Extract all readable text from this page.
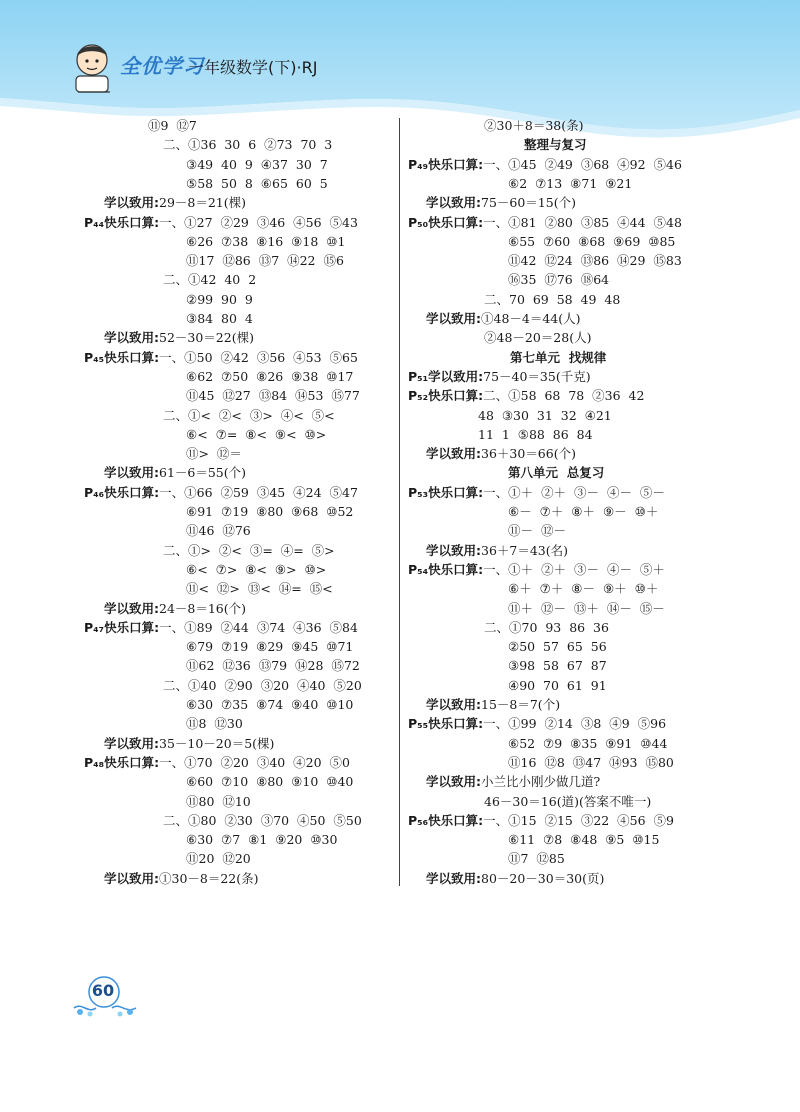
全优学习
一年级数学(下)·RJ
⑪9  ⑫7
二、①36  30  6  ②73  70  3
③49  40  9  ④37  30  7
⑤58  50  8  ⑥65  60  5
学以致用:29－8＝21(棵)
P₄₄快乐口算:一、①27  ②29  ③46  ④56  ⑤43
⑥26  ⑦38  ⑧16  ⑨18  ⑩1
⑪17  ⑫86  ⑬7  ⑭22  ⑮6
二、①42  40  2
②99  90  9
③84  80  4
学以致用:52－30＝22(棵)
P₄₅快乐口算:一、①50  ②42  ③56  ④53  ⑤65
⑥62  ⑦50  ⑧26  ⑨38  ⑩17
⑪45  ⑫27  ⑬84  ⑭53  ⑮77
二、①<  ②<  ③>  ④<  ⑤<
⑥<  ⑦=  ⑧<  ⑨<  ⑩>
⑪>  ⑫＝
学以致用:61－6＝55(个)
P₄₆快乐口算:一、①66  ②59  ③45  ④24  ⑤47
⑥91  ⑦19  ⑧80  ⑨68  ⑩52
⑪46  ⑫76
二、①>  ②<  ③=  ④=  ⑤>
⑥<  ⑦>  ⑧<  ⑨>  ⑩>
⑪<  ⑫>  ⑬<  ⑭=  ⑮<
学以致用:24－8＝16(个)
P₄₇快乐口算:一、①89  ②44  ③74  ④36  ⑤84
⑥79  ⑦19  ⑧29  ⑨45  ⑩71
⑪62  ⑫36  ⑬79  ⑭28  ⑮72
二、①40  ②90  ③20  ④40  ⑤20
⑥30  ⑦35  ⑧74  ⑨40  ⑩10
⑪8  ⑫30
学以致用:35－10－20＝5(棵)
P₄₈快乐口算:一、①70  ②20  ③40  ④20  ⑤0
⑥60  ⑦10  ⑧80  ⑨10  ⑩40
⑪80  ⑫10
二、①80  ②30  ③70  ④50  ⑤50
⑥30  ⑦7  ⑧1  ⑨20  ⑩30
⑪20  ⑫20
学以致用:①30－8＝22(条)
②30＋8＝38(条)
整理与复习
P₄₉快乐口算:一、①45  ②49  ③68  ④92  ⑤46
⑥2  ⑦13  ⑧71  ⑨21
学以致用:75－60＝15(个)
P₅₀快乐口算:一、①81  ②80  ③85  ④44  ⑤48
⑥55  ⑦60  ⑧68  ⑨69  ⑩85
⑪42  ⑫24  ⑬86  ⑭29  ⑮83
⑯35  ⑰76  ⑱64
二、70  69  58  49  48
学以致用:①48－4＝44(人)
②48－20＝28(人)
第七单元  找规律
P₅₁学以致用:75－40＝35(千克)
P₅₂快乐口算:二、①58  68  78  ②36  42
48  ③30  31  32  ④21
11  1  ⑤88  86  84
学以致用:36＋30＝66(个)
第八单元  总复习
P₅₃快乐口算:一、①＋  ②＋  ③－  ④－  ⑤－
⑥－  ⑦＋  ⑧＋  ⑨－  ⑩＋
⑪－  ⑫－
学以致用:36＋7＝43(名)
P₅₄快乐口算:一、①＋  ②＋  ③－  ④－  ⑤＋
⑥＋  ⑦＋  ⑧－  ⑨＋  ⑩＋
⑪＋  ⑫－  ⑬＋  ⑭－  ⑮－
二、①70  93  86  36
②50  57  65  56
③98  58  67  87
④90  70  61  91
学以致用:15－8＝7(个)
P₅₅快乐口算:一、①99  ②14  ③8  ④9  ⑤96
⑥52  ⑦9  ⑧35  ⑨91  ⑩44
⑪16  ⑫8  ⑬47  ⑭93  ⑮80
学以致用:小兰比小刚少做几道?
46－30＝16(道)(答案不唯一)
P₅₆快乐口算:一、①15  ②15  ③22  ④56  ⑤9
⑥11  ⑦8  ⑧48  ⑨5  ⑩15
⑪7  ⑫85
学以致用:80－20－30＝30(页)
60
